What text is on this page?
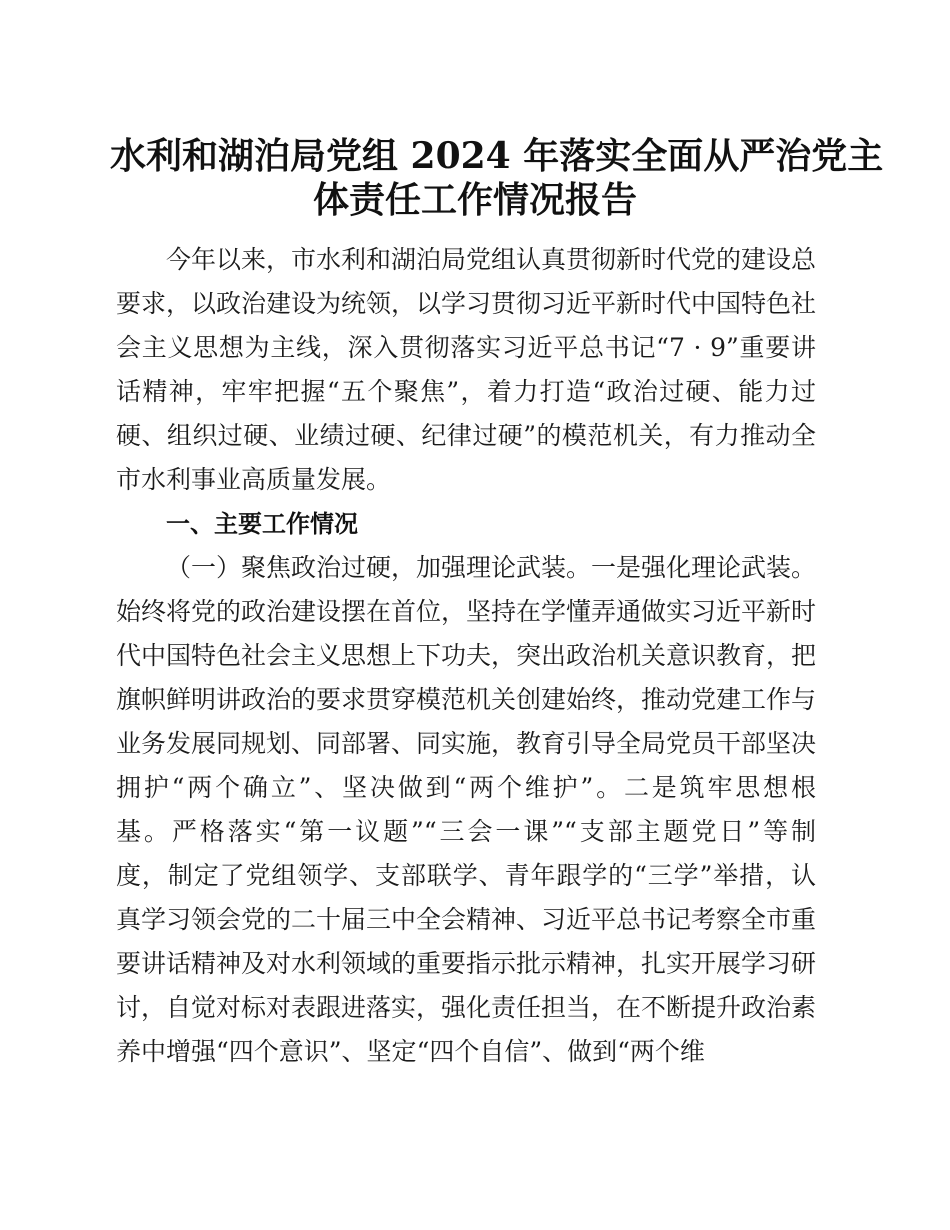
水利和湖泊局党组 2024 年落实全面从严治党主
体责任工作情况报告
今年以来，市水利和湖泊局党组认真贯彻新时代党的建设总
要求，以政治建设为统领，以学习贯彻习近平新时代中国特色社
会主义思想为主线，深入贯彻落实习近平总书记“7 · 9”重要讲
话精神，牢牢把握“五个聚焦”，着力打造“政治过硬、能力过
硬、组织过硬、业绩过硬、纪律过硬”的模范机关，有力推动全
市水利事业高质量发展。
一、主要工作情况
（一）聚焦政治过硬，加强理论武装。一是强化理论武装。
始终将党的政治建设摆在首位，坚持在学懂弄通做实习近平新时
代中国特色社会主义思想上下功夫，突出政治机关意识教育，把
旗帜鲜明讲政治的要求贯穿模范机关创建始终，推动党建工作与
业务发展同规划、同部署、同实施，教育引导全局党员干部坚决
拥护“两个确立”、坚决做到“两个维护”。二是筑牢思想根
基。严格落实“第一议题”“三会一课”“支部主题党日”等制
度，制定了党组领学、支部联学、青年跟学的“三学”举措，认
真学习领会党的二十届三中全会精神、习近平总书记考察全市重
要讲话精神及对水利领域的重要指示批示精神，扎实开展学习研
讨，自觉对标对表跟进落实，强化责任担当，在不断提升政治素
养中增强“四个意识”、坚定“四个自信”、做到“两个维
